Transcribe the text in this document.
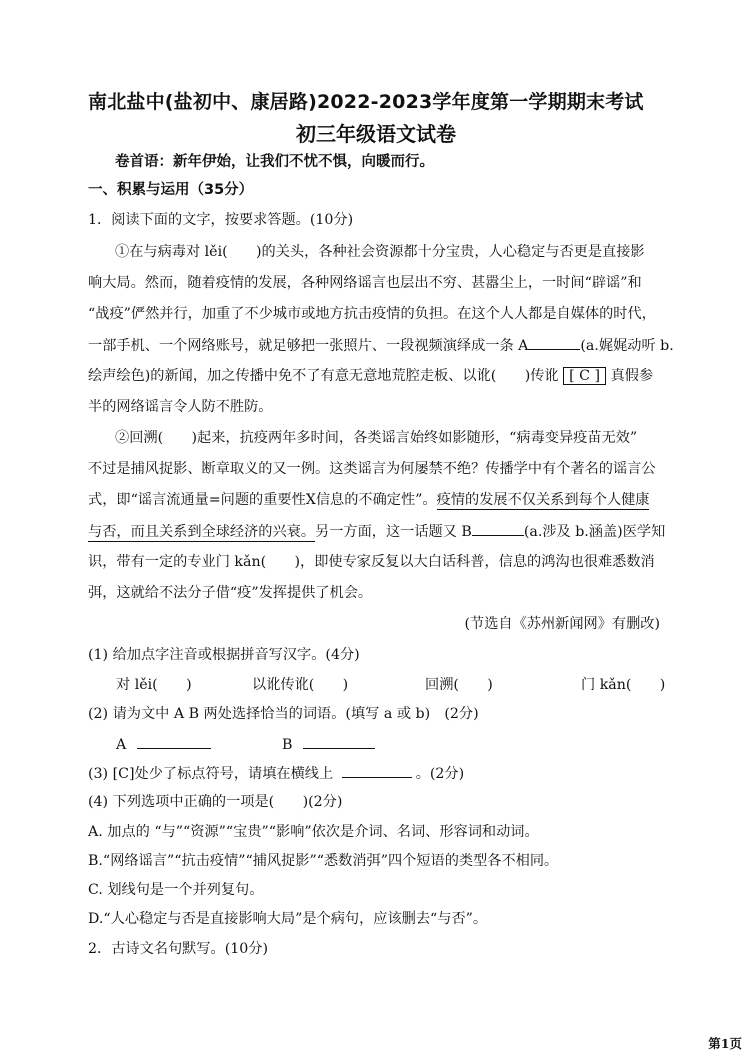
南北盐中(盐初中、康居路)2022-2023学年度第一学期期末考试
初三年级语文试卷
卷首语：新年伊始，让我们不忧不惧，向暖而行。
一、积累与运用（35分）
1．阅读下面的文字，按要求答题。(10分)
①在与病毒对 lěi(　　)的关头，各种社会资源都十分宝贵，人心稳定与否更是直接影
响大局。然而，随着疫情的发展，各种网络谣言也层出不穷、甚嚣尘上，一时间“辟谣”和
“战疫”俨然并行，加重了不少城市或地方抗击疫情的负担。在这个人人都是自媒体的时代，
一部手机、一个网络账号，就足够把一张照片、一段视频演绎成一条 A	(a.娓娓动听 b.
绘声绘色)的新闻，加之传播中免不了有意无意地荒腔走板、以讹(　　)传讹 [ C ] 真假参
半的网络谣言令人防不胜防。
②回溯(　　)起来，抗疫两年多时间，各类谣言始终如影随形，“病毒变异疫苗无效”
不过是捕风捉影、断章取义的又一例。这类谣言为何屡禁不绝？传播学中有个著名的谣言公
式，即“谣言流通量=问题的重要性X信息的不确定性”。疫情的发展不仅关系到每个人健康
与否，而且关系到全球经济的兴衰。另一方面，这一话题又 B	(a.涉及 b.涵盖)医学知
识，带有一定的专业门 kǎn(　　)，即使专家反复以大白话科普，信息的鸿沟也很难悉数消
弭，这就给不法分子借“疫”发挥提供了机会。
(节选自《苏州新闻网》有删改)
(1) 给加点字注音或根据拼音写汉字。(4分)
对 lěi(　　)	以讹传讹(　　)	回溯(　　)	门 kǎn(　　)
(2) 请为文中 A B 两处选择恰当的词语。(填写 a 或 b)　(2分)
A	B
(3) [C]处少了标点符号，请填在横线上	。(2分)
(4) 下列选项中正确的一项是(　　)(2分)
A. 加点的 “与”“资源”“宝贵”“影响”依次是介词、名词、形容词和动词。
B.“网络谣言”“抗击疫情”“捕风捉影”“悉数消弭”四个短语的类型各不相同。
C. 划线句是一个并列复句。
D.“人心稳定与否是直接影响大局”是个病句，应该删去“与否”。
2．古诗文名句默写。(10分)
第1页
